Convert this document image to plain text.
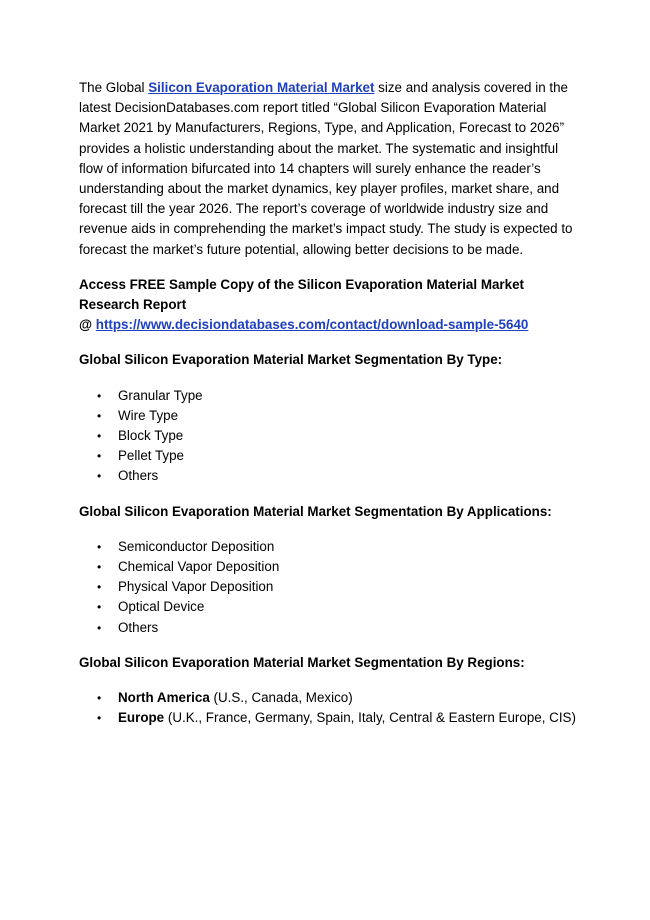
The Global Silicon Evaporation Material Market size and analysis covered in the latest DecisionDatabases.com report titled “Global Silicon Evaporation Material Market 2021 by Manufacturers, Regions, Type, and Application, Forecast to 2026” provides a holistic understanding about the market. The systematic and insightful flow of information bifurcated into 14 chapters will surely enhance the reader’s understanding about the market dynamics, key player profiles, market share, and forecast till the year 2026. The report’s coverage of worldwide industry size and revenue aids in comprehending the market’s impact study. The study is expected to forecast the market’s future potential, allowing better decisions to be made.

Access FREE Sample Copy of the Silicon Evaporation Material Market Research Report
@ https://www.decisiondatabases.com/contact/download-sample-5640

Global Silicon Evaporation Material Market Segmentation By Type:

• Granular Type
• Wire Type
• Block Type
• Pellet Type
• Others

Global Silicon Evaporation Material Market Segmentation By Applications:

• Semiconductor Deposition
• Chemical Vapor Deposition
• Physical Vapor Deposition
• Optical Device
• Others

Global Silicon Evaporation Material Market Segmentation By Regions:

• North America (U.S., Canada, Mexico)
• Europe (U.K., France, Germany, Spain, Italy, Central & Eastern Europe, CIS)
